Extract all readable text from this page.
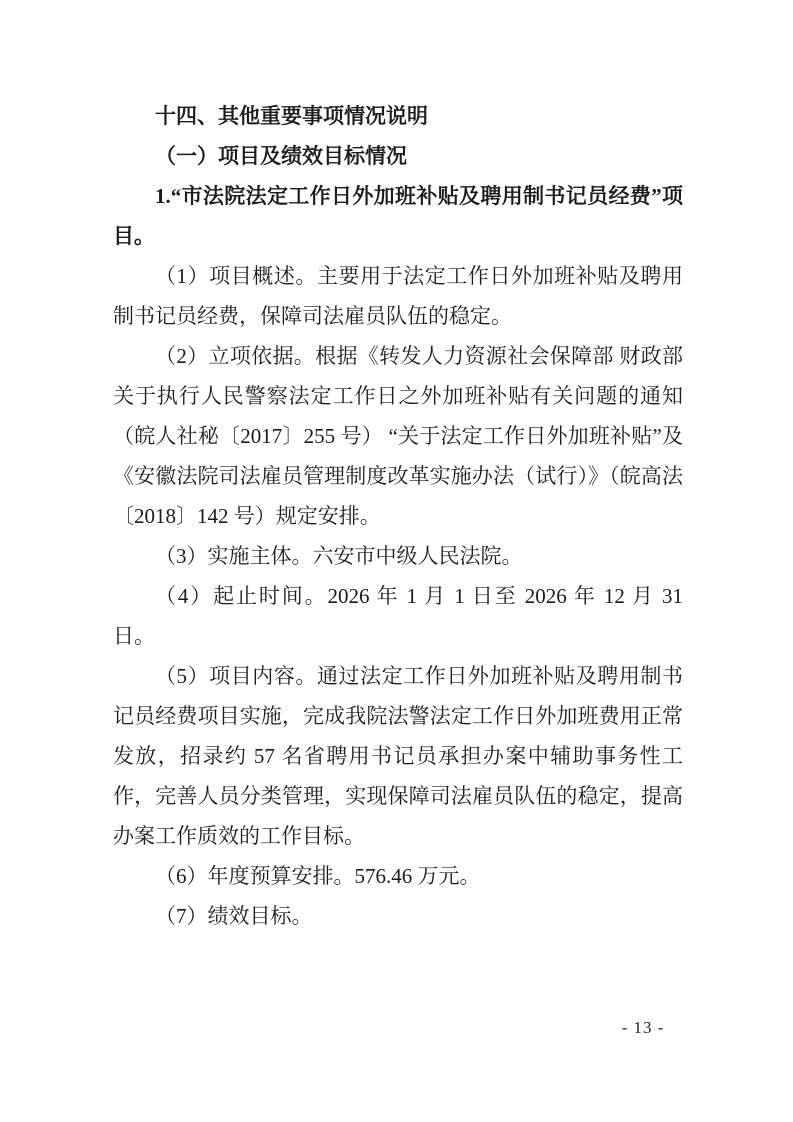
十四、其他重要事项情况说明

（一）项目及绩效目标情况

1.“市法院法定工作日外加班补贴及聘用制书记员经费”项目。

（1）项目概述。主要用于法定工作日外加班补贴及聘用制书记员经费，保障司法雇员队伍的稳定。

（2）立项依据。根据《转发人力资源社会保障部 财政部关于执行人民警察法定工作日之外加班补贴有关问题的通知（皖人社秘〔2017〕255 号） “关于法定工作日外加班补贴”及《安徽法院司法雇员管理制度改革实施办法（试行）》（皖高法〔2018〕142 号）规定安排。

（3）实施主体。六安市中级人民法院。

（4）起止时间。2026 年 1 月 1 日至 2026 年 12 月 31 日。

（5）项目内容。通过法定工作日外加班补贴及聘用制书记员经费项目实施，完成我院法警法定工作日外加班费用正常发放，招录约 57 名省聘用书记员承担办案中辅助事务性工作，完善人员分类管理，实现保障司法雇员队伍的稳定，提高办案工作质效的工作目标。

（6）年度预算安排。576.46 万元。

（7）绩效目标。

- 13 -
